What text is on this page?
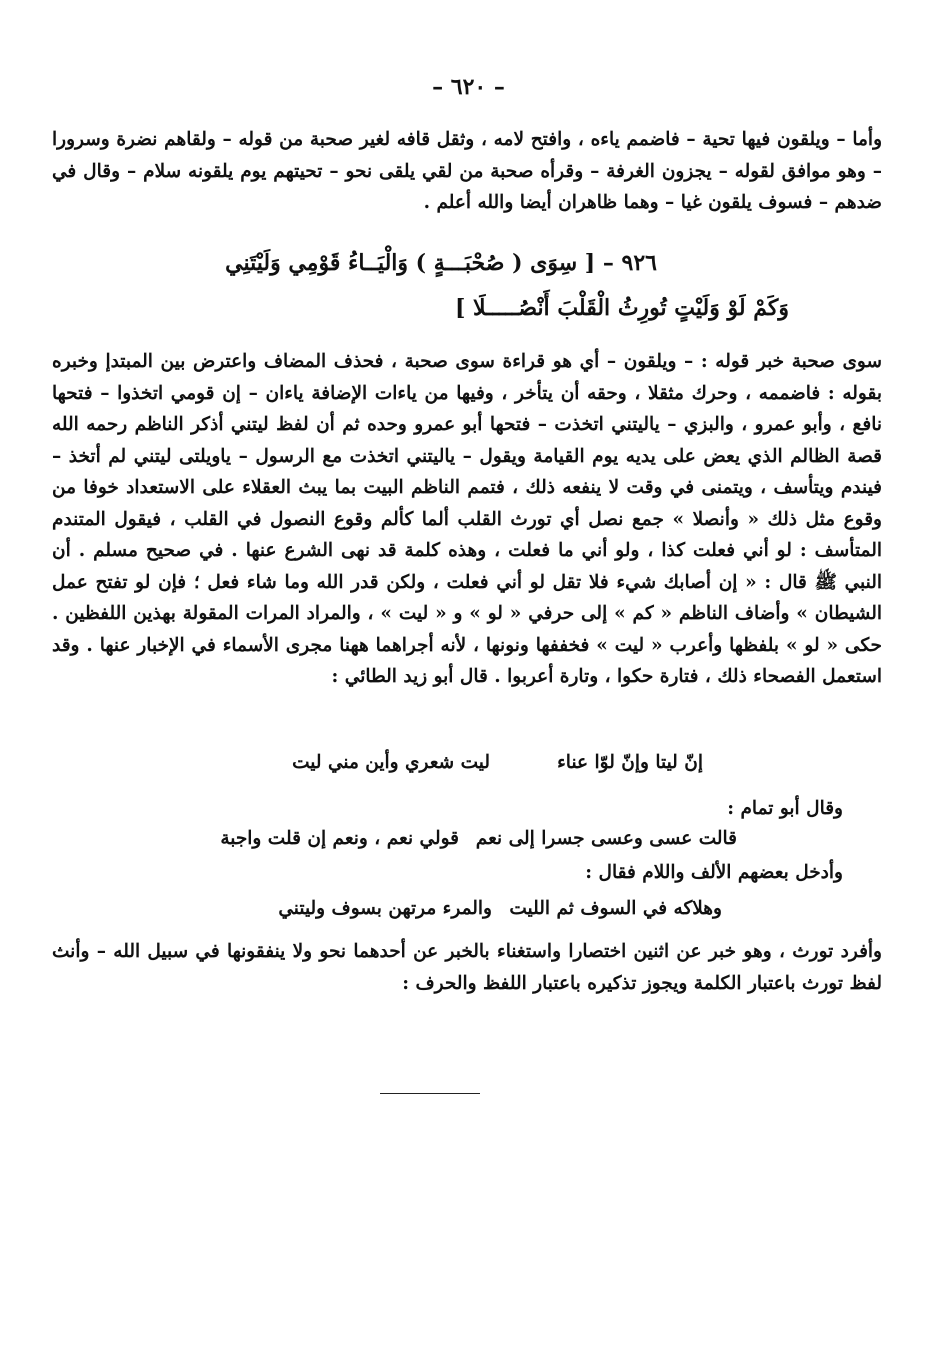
– ٦٢٠ –
وأما – ويلقون فيها تحية – فاضمم ياءه ، وافتح لامه ، وثقل قافه لغير صحبة من قوله – ولقاهم نضرة وسرورا – وهو موافق لقوله – يجزون الغرفة – وقرأه صحبة من لقي يلقى نحو – تحيتهم يوم يلقونه سلام – وقال في ضدهم – فسوف يلقون غيا – وهما ظاهران أيضا والله أعلم .
٩٢٦ – [ سِوَى ( صُحْبَـــةٍ ) وَالْيَــاءُ قَوْمِي وَلَيْتَنِي
وَكَمْ لَوْ وَلَيْتٍ تُورِثُ الْقَلْبَ أَنْصُـــــلَا ]
سوى صحبة خبر قوله : – ويلقون – أي هو قراءة سوى صحبة ، فحذف المضاف واعترض بين المبتدإ وخبره بقوله : فاضممه ، وحرك مثقلا ، وحقه أن يتأخر ، وفيها من ياءات الإضافة ياءان – إن قومي اتخذوا – فتحها نافع ، وأبو عمرو ، والبزي – ياليتني اتخذت – فتحها أبو عمرو وحده ثم أن لفظ ليتني أذكر الناظم رحمه الله قصة الظالم الذي يعض على يديه يوم القيامة ويقول – ياليتني اتخذت مع الرسول – ياويلتى ليتني لم أتخذ – فيندم ويتأسف ، ويتمنى في وقت لا ينفعه ذلك ، فتمم الناظم البيت بما يبث العقلاء على الاستعداد خوفا من وقوع مثل ذلك « وأنصلا » جمع نصل أي تورث القلب ألما كألم وقوع النصول في القلب ، فيقول المتندم المتأسف : لو أني فعلت كذا ، ولو أني ما فعلت ، وهذه كلمة قد نهى الشرع عنها . في صحيح مسلم . أن النبي ﷺ قال : « إن أصابك شيء فلا تقل لو أني فعلت ، ولكن قدر الله وما شاء فعل ؛ فإن لو تفتح عمل الشيطان » وأضاف الناظم « كم » إلى حرفي « لو » و « ليت » ، والمراد المرات المقولة بهذين اللفظين . حكى « لو » بلفظها وأعرب « ليت » فخففها ونونها ، لأنه أجراهما ههنا مجرى الأسماء في الإخبار عنها . وقد استعمل الفصحاء ذلك ، فتارة حكوا ، وتارة أعربوا . قال أبو زيد الطائي :
إنّ ليتا وإنّ لوّا عناء
ليت شعري وأين مني ليت
وقال أبو تمام :
قالت عسى وعسى جسرا إلى نعم
قولي نعم ، ونعم إن قلت واجبة
وأدخل بعضهم الألف واللام فقال :
وهلاكه في السوف ثم الليت
والمرء مرتهن بسوف وليتني
وأفرد تورث ، وهو خبر عن اثنين اختصارا واستغناء بالخبر عن أحدهما نحو ولا ينفقونها في سبيل الله – وأنث لفظ تورث باعتبار الكلمة ويجوز تذكيره باعتبار اللفظ والحرف :
